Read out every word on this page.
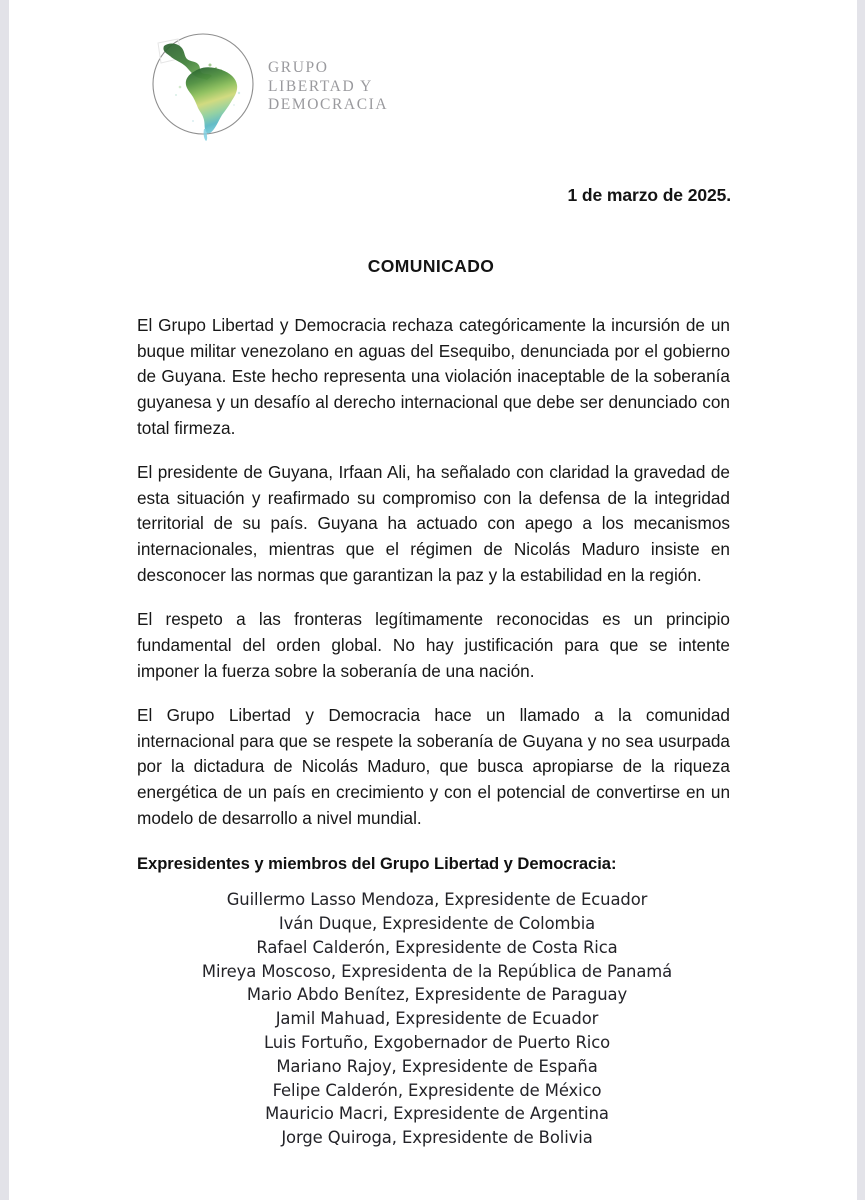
GRUPO
LIBERTAD Y
DEMOCRACIA
1 de marzo de 2025.
COMUNICADO

El Grupo Libertad y Democracia rechaza categóricamente la incursión de un buque militar venezolano en aguas del Esequibo, denunciada por el gobierno de Guyana. Este hecho representa una violación inaceptable de la soberanía guyanesa y un desafío al derecho internacional que debe ser denunciado con total firmeza.

El presidente de Guyana, Irfaan Ali, ha señalado con claridad la gravedad de esta situación y reafirmado su compromiso con la defensa de la integridad territorial de su país. Guyana ha actuado con apego a los mecanismos internacionales, mientras que el régimen de Nicolás Maduro insiste en desconocer las normas que garantizan la paz y la estabilidad en la región.

El respeto a las fronteras legítimamente reconocidas es un principio fundamental del orden global. No hay justificación para que se intente imponer la fuerza sobre la soberanía de una nación.

El Grupo Libertad y Democracia hace un llamado a la comunidad internacional para que se respete la soberanía de Guyana y no sea usurpada por la dictadura de Nicolás Maduro, que busca apropiarse de la riqueza energética de un país en crecimiento y con el potencial de convertirse en un modelo de desarrollo a nivel mundial.

Expresidentes y miembros del Grupo Libertad y Democracia:
Guillermo Lasso Mendoza, Expresidente de Ecuador
Iván Duque, Expresidente de Colombia
Rafael Calderón, Expresidente de Costa Rica
Mireya Moscoso, Expresidenta de la República de Panamá
Mario Abdo Benítez, Expresidente de Paraguay
Jamil Mahuad, Expresidente de Ecuador
Luis Fortuño, Exgobernador de Puerto Rico
Mariano Rajoy, Expresidente de España
Felipe Calderón, Expresidente de México
Mauricio Macri, Expresidente de Argentina
Jorge Quiroga, Expresidente de Bolivia
